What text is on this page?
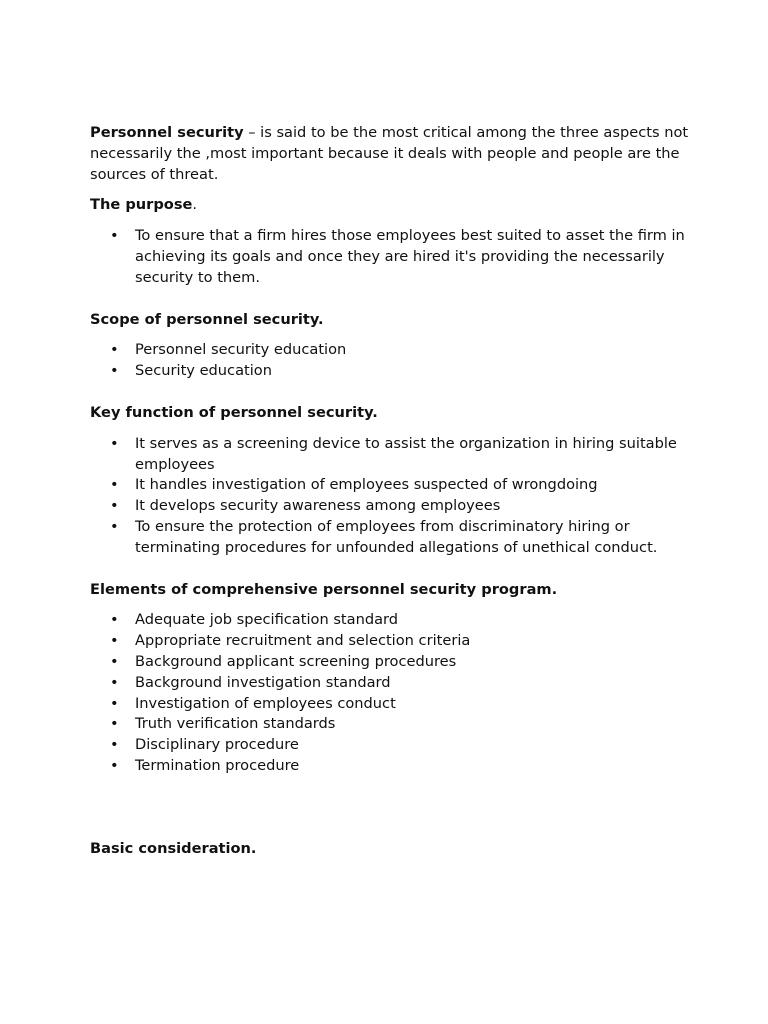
Personnel security – is said to be the most critical among the three aspects not necessarily the ,most important because it deals with people and people are the sources of threat.

The purpose.

• To ensure that a firm hires those employees best suited to asset the firm in achieving its goals and once they are hired it's providing the necessarily security to them.

Scope of personnel security.

• Personnel security education
• Security education

Key function of personnel security.

• It serves as a screening device to assist the organization in hiring suitable employees
• It handles investigation of employees suspected of wrongdoing
• It develops security awareness among employees
• To ensure the protection of employees from discriminatory hiring or terminating procedures for unfounded allegations of unethical conduct.

Elements of comprehensive personnel security program.

• Adequate job specification standard
• Appropriate recruitment and selection criteria
• Background applicant screening procedures
• Background investigation standard
• Investigation of employees conduct
• Truth verification standards
• Disciplinary procedure
• Termination procedure

Basic consideration.
